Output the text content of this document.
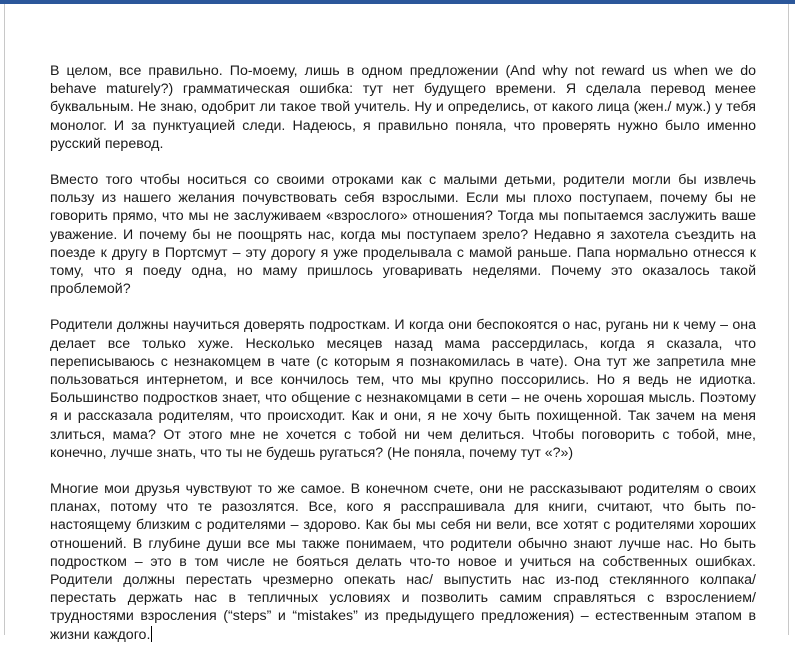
В целом, все правильно. По-моему, лишь в одном предложении (And why not reward us when we do behave maturely?) грамматическая ошибка: тут нет будущего времени. Я сделала перевод менее буквальным. Не знаю, одобрит ли такое твой учитель. Ну и определись, от какого лица (жен./ муж.) у тебя монолог. И за пунктуацией следи. Надеюсь, я правильно поняла, что проверять нужно было именно русский перевод.

Вместо того чтобы носиться со своими отроками как с малыми детьми, родители могли бы извлечь пользу из нашего желания почувствовать себя взрослыми. Если мы плохо поступаем, почему бы не говорить прямо, что мы не заслуживаем «взрослого» отношения? Тогда мы попытаемся заслужить ваше уважение. И почему бы не поощрять нас, когда мы поступаем зрело? Недавно я захотела съездить на поезде к другу в Портсмут – эту дорогу я уже проделывала с мамой раньше. Папа нормально отнесся к тому, что я поеду одна, но маму пришлось уговаривать неделями. Почему это оказалось такой проблемой?

Родители должны научиться доверять подросткам. И когда они беспокоятся о нас, ругань ни к чему – она делает все только хуже. Несколько месяцев назад мама рассердилась, когда я сказала, что переписываюсь с незнакомцем в чате (с которым я познакомилась в чате). Она тут же запретила мне пользоваться интернетом, и все кончилось тем, что мы крупно поссорились. Но я ведь не идиотка. Большинство подростков знает, что общение с незнакомцами в сети – не очень хорошая мысль. Поэтому я и рассказала родителям, что происходит. Как и они, я не хочу быть похищенной. Так зачем на меня злиться, мама? От этого мне не хочется с тобой ни чем делиться. Чтобы поговорить с тобой, мне, конечно, лучше знать, что ты не будешь ругаться? (Не поняла, почему тут «?»)

Многие мои друзья чувствуют то же самое. В конечном счете, они не рассказывают родителям о своих планах, потому что те разозлятся. Все, кого я расспрашивала для книги, считают, что быть по-настоящему близким с родителями – здорово. Как бы мы себя ни вели, все хотят с родителями хороших отношений. В глубине души все мы также понимаем, что родители обычно знают лучше нас. Но быть подростком – это в том числе не бояться делать что-то новое и учиться на собственных ошибках. Родители должны перестать чрезмерно опекать нас/ выпустить нас из-под стеклянного колпака/ перестать держать нас в тепличных условиях и позволить самим справляться с взрослением/ трудностями взросления (“steps” и “mistakes” из предыдущего предложения) – естественным этапом в жизни каждого.
